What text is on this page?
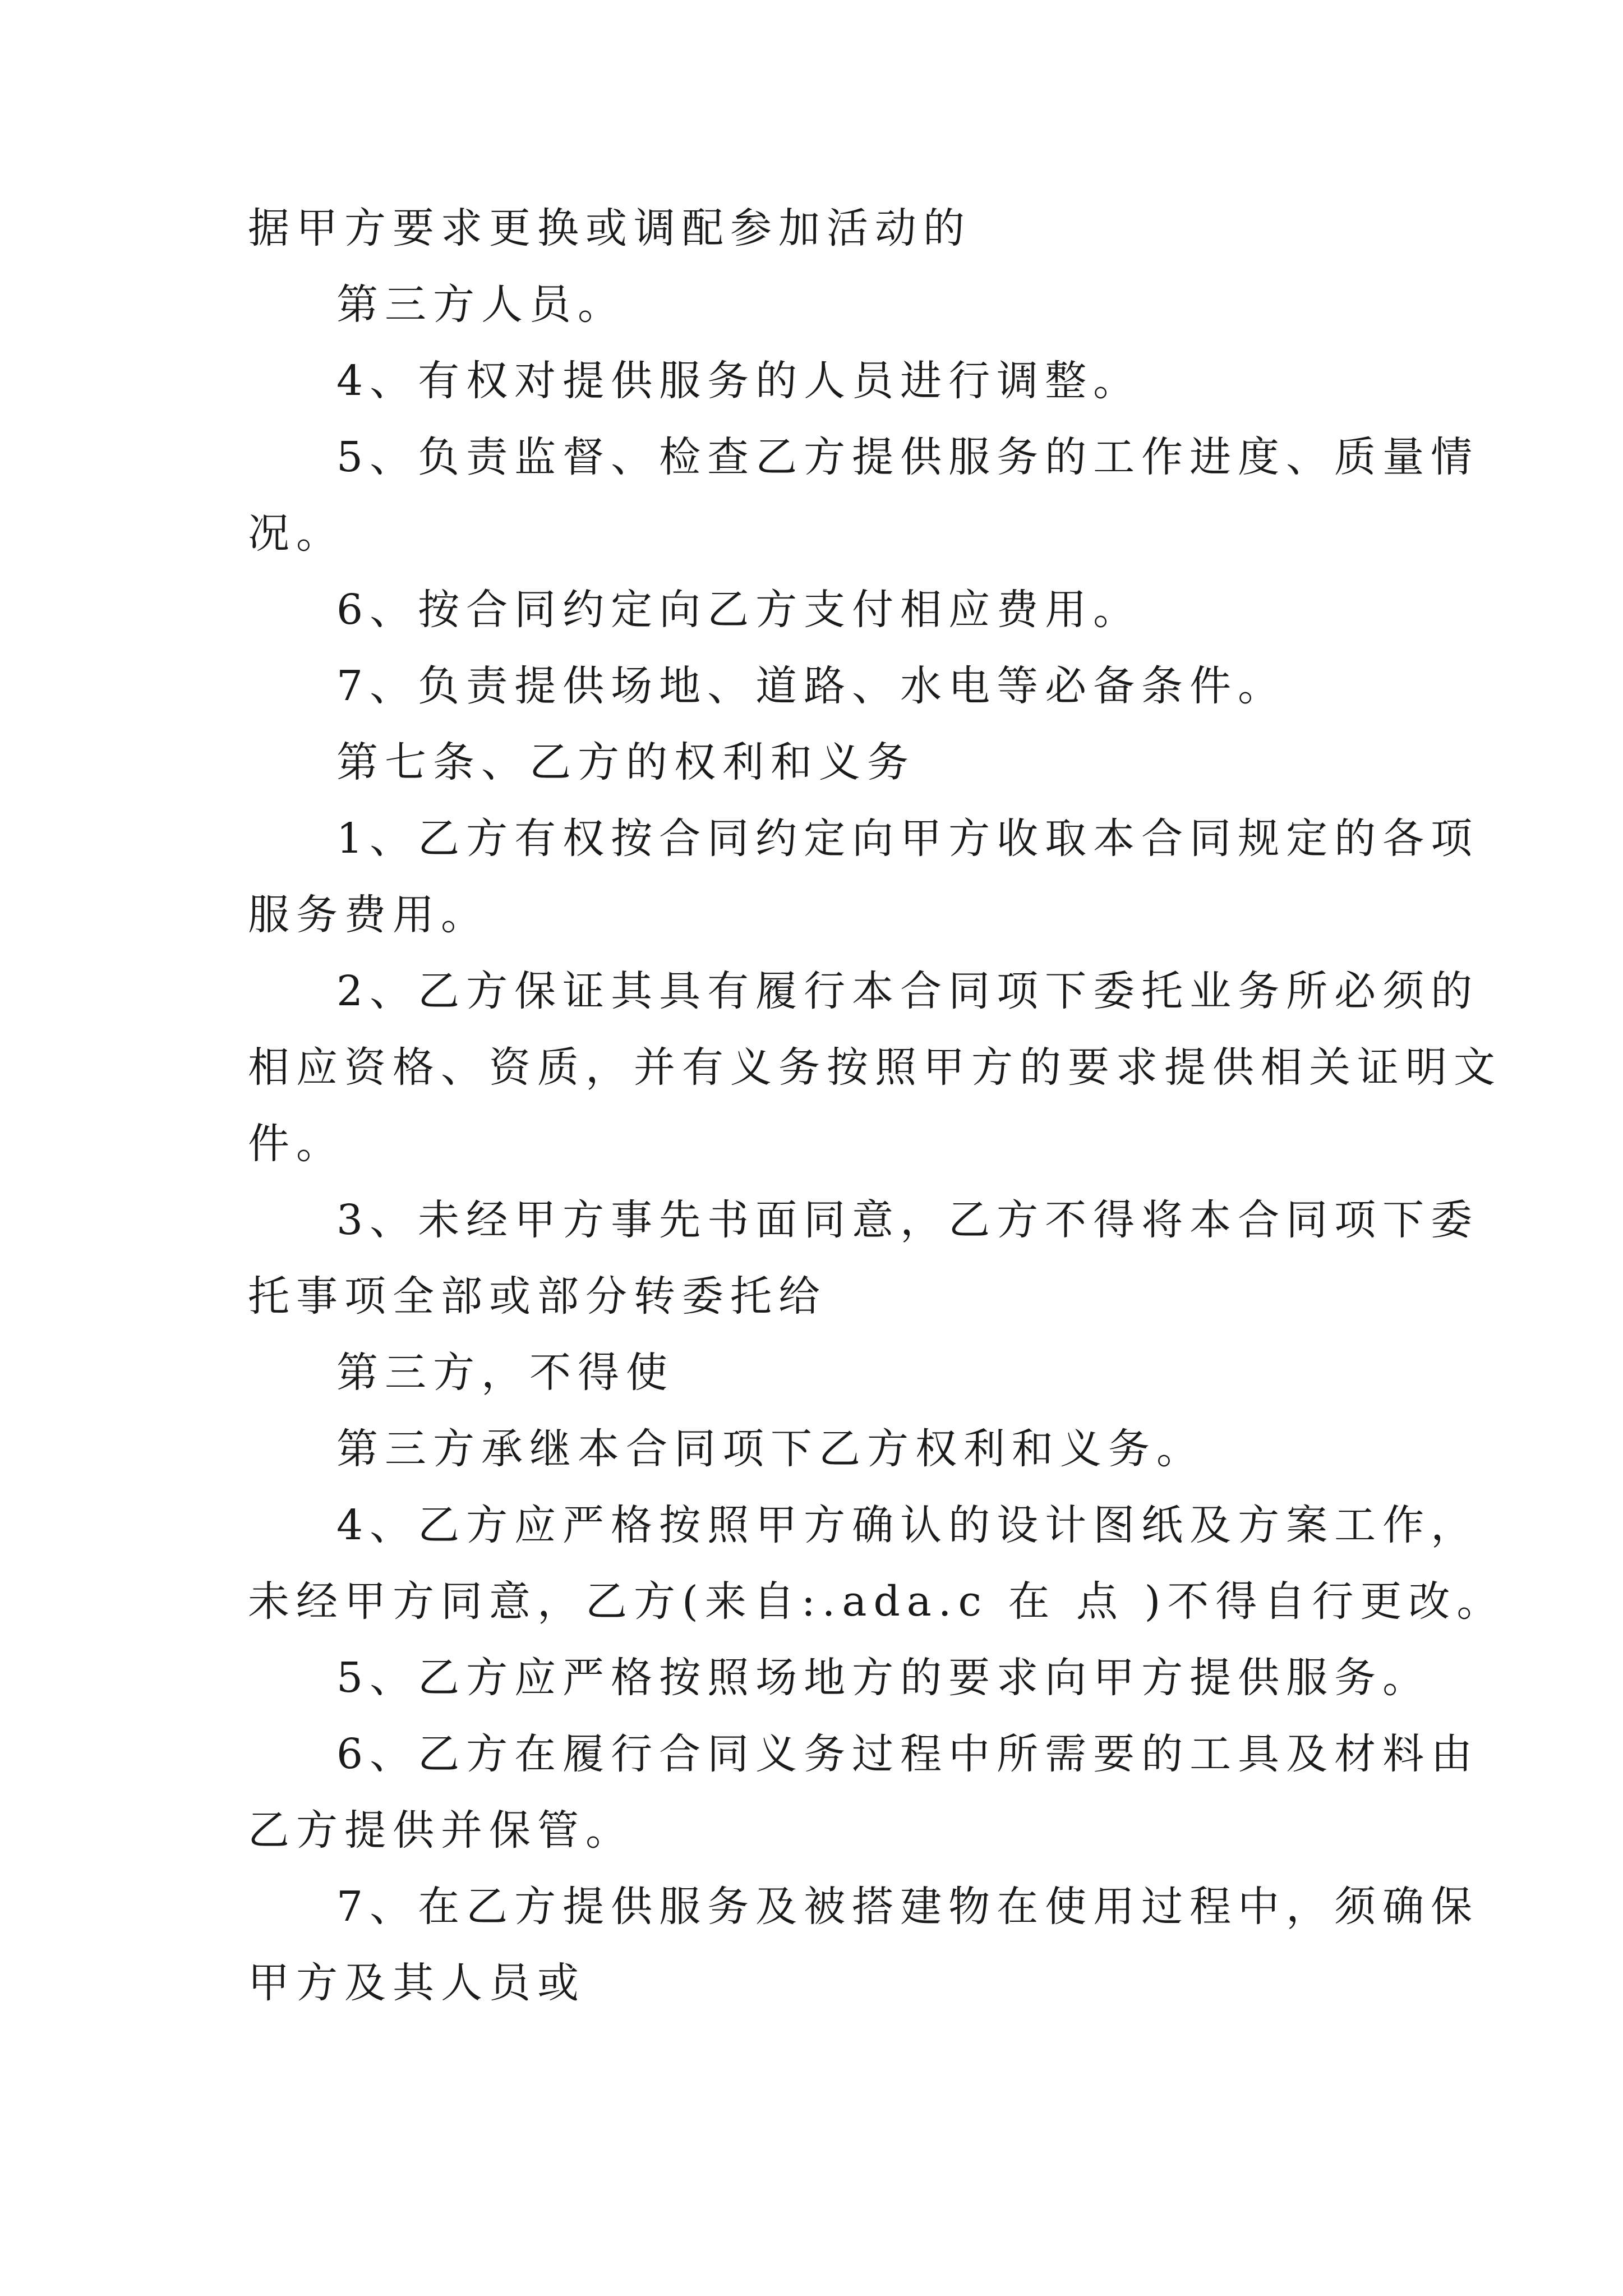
据甲方要求更换或调配参加活动的
第三方人员。
4、有权对提供服务的人员进行调整。
5、负责监督、检查乙方提供服务的工作进度、质量情
况。
6、按合同约定向乙方支付相应费用。
7、负责提供场地、道路、水电等必备条件。
第七条、乙方的权利和义务
1、乙方有权按合同约定向甲方收取本合同规定的各项
服务费用。
2、乙方保证其具有履行本合同项下委托业务所必须的
相应资格、资质，并有义务按照甲方的要求提供相关证明文
件。
3、未经甲方事先书面同意，乙方不得将本合同项下委
托事项全部或部分转委托给
第三方，不得使
第三方承继本合同项下乙方权利和义务。
4、乙方应严格按照甲方确认的设计图纸及方案工作，
未经甲方同意，乙方(来自:.ada.c 在 点 )不得自行更改。
5、乙方应严格按照场地方的要求向甲方提供服务。
6、乙方在履行合同义务过程中所需要的工具及材料由
乙方提供并保管。
7、在乙方提供服务及被搭建物在使用过程中，须确保
甲方及其人员或
